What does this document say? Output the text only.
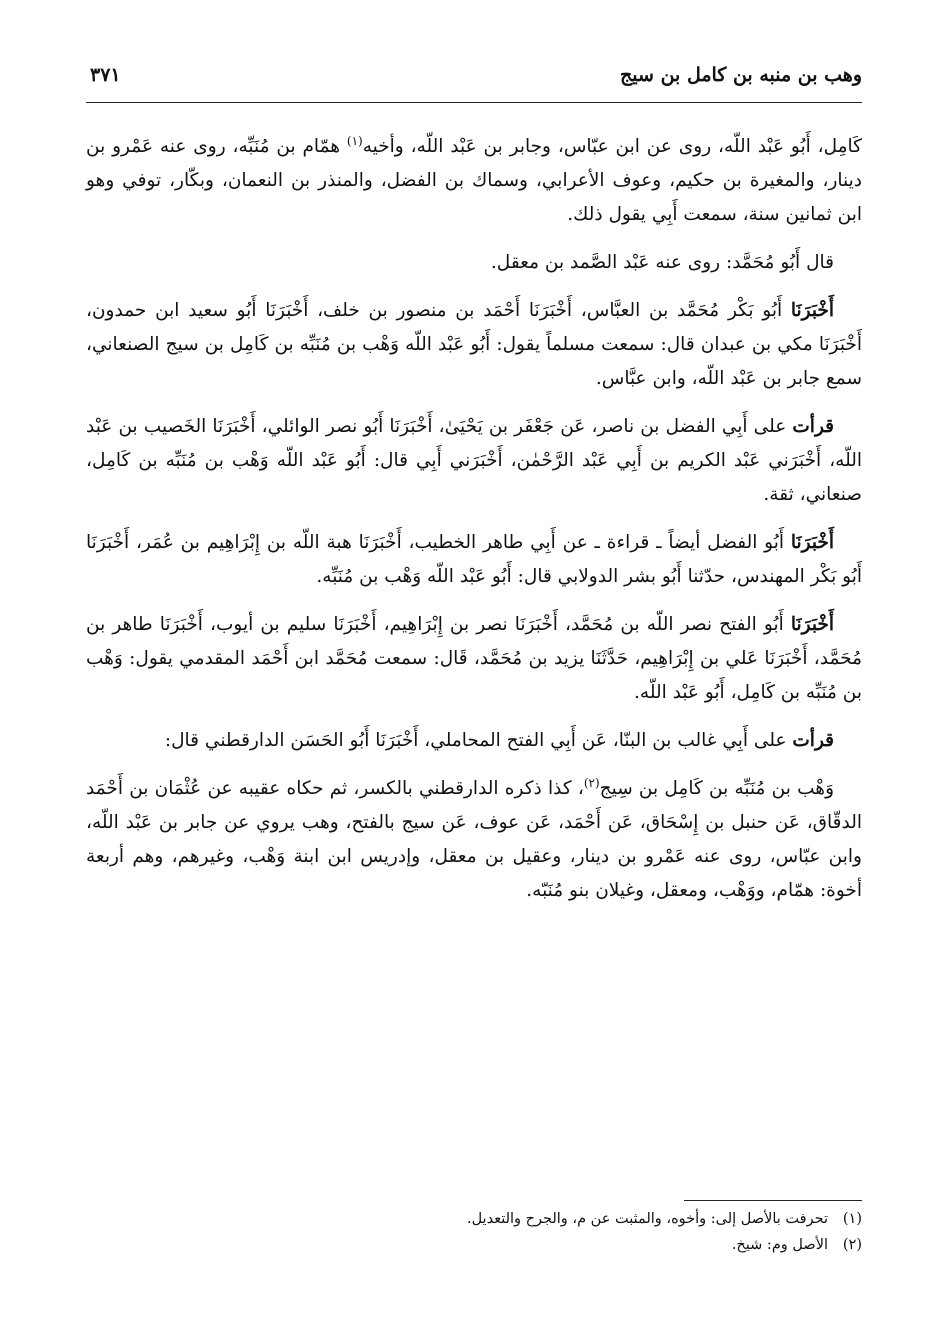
وهب بن منبه بن كامل بن سيج
٣٧١

كَامِل، أَبُو عَبْد اللّه، روى عن ابن عبّاس، وجابر بن عَبْد اللّه، وأخيه$^{(١)}$ همّام بن مُنَبِّه، روى عنه عَمْرو بن دينار، والمغيرة بن حكيم، وعوف الأعرابي، وسماك بن الفضل، والمنذر بن النعمان، وبكّار، توفي وهو ابن ثمانين سنة، سمعت أَبِي يقول ذلك.

قال أَبُو مُحَمَّد: روى عنه عَبْد الصَّمد بن معقل.

أَخْبَرَنَا أَبُو بَكْر مُحَمَّد بن العبَّاس، أَخْبَرَنَا أَحْمَد بن منصور بن خلف، أَخْبَرَنَا أَبُو سعيد ابن حمدون، أَخْبَرَنَا مكي بن عبدان قال: سمعت مسلماً يقول: أَبُو عَبْد اللّه وَهْب بن مُنَبِّه بن كَامِل بن سيج الصنعاني، سمع جابر بن عَبْد اللّه، وابن عبَّاس.

قرأت على أَبِي الفضل بن ناصر، عَن جَعْفَر بن يَحْيَىٰ، أَخْبَرَنَا أَبُو نصر الوائلي، أَخْبَرَنَا الخَصيب بن عَبْد اللّه، أَخْبَرَني عَبْد الكريم بن أَبِي عَبْد الرَّحْمٰن، أَخْبَرَني أَبِي قال: أَبُو عَبْد اللّه وَهْب بن مُنَبِّه بن كَامِل، صنعاني، ثقة.

أَخْبَرَنَا أَبُو الفضل أيضاً ـ قراءة ـ عن أَبِي طاهر الخطيب، أَخْبَرَنَا هبة اللّه بن إِبْرَاهِيم بن عُمَر، أَخْبَرَنَا أَبُو بَكْر المهندس، حدّثنا أَبُو بشر الدولابي قال: أَبُو عَبْد اللّه وَهْب بن مُنَبِّه.

أَخْبَرَنَا أَبُو الفتح نصر اللّه بن مُحَمَّد، أَخْبَرَنَا نصر بن إِبْرَاهِيم، أَخْبَرَنَا سليم بن أيوب، أَخْبَرَنَا طاهر بن مُحَمَّد، أَخْبَرَنَا عَلي بن إِبْرَاهِيم، حَدَّثَنَا يزيد بن مُحَمَّد، قَال: سمعت مُحَمَّد ابن أَحْمَد المقدمي يقول: وَهْب بن مُنَبِّه بن كَامِل، أَبُو عَبْد اللّه.

قرأت على أَبِي غالب بن البنّا، عَن أَبِي الفتح المحاملي، أَخْبَرَنَا أَبُو الحَسَن الدارقطني قال:

وَهْب بن مُنَبِّه بن كَامِل بن سِيج$^{(٢)}$، كذا ذكره الدارقطني بالكسر، ثم حكاه عقيبه عن عُثْمَان بن أَحْمَد الدقّاق، عَن حنبل بن إِسْحَاق، عَن أَحْمَد، عَن عوف، عَن سيج بالفتح، وهب يروي عن جابر بن عَبْد اللّه، وابن عبّاس، روى عنه عَمْرو بن دينار، وعقيل بن معقل، وإدريس ابن ابنة وَهْب، وغيرهم، وهم أربعة أخوة: همّام، ووَهْب، ومعقل، وغيلان بنو مُنَبّه.

(١)تحرفت بالأصل إلى: وأخوه، والمثبت عن م، والجرح والتعديل.

(٢)الأصل وم: شيخ.
